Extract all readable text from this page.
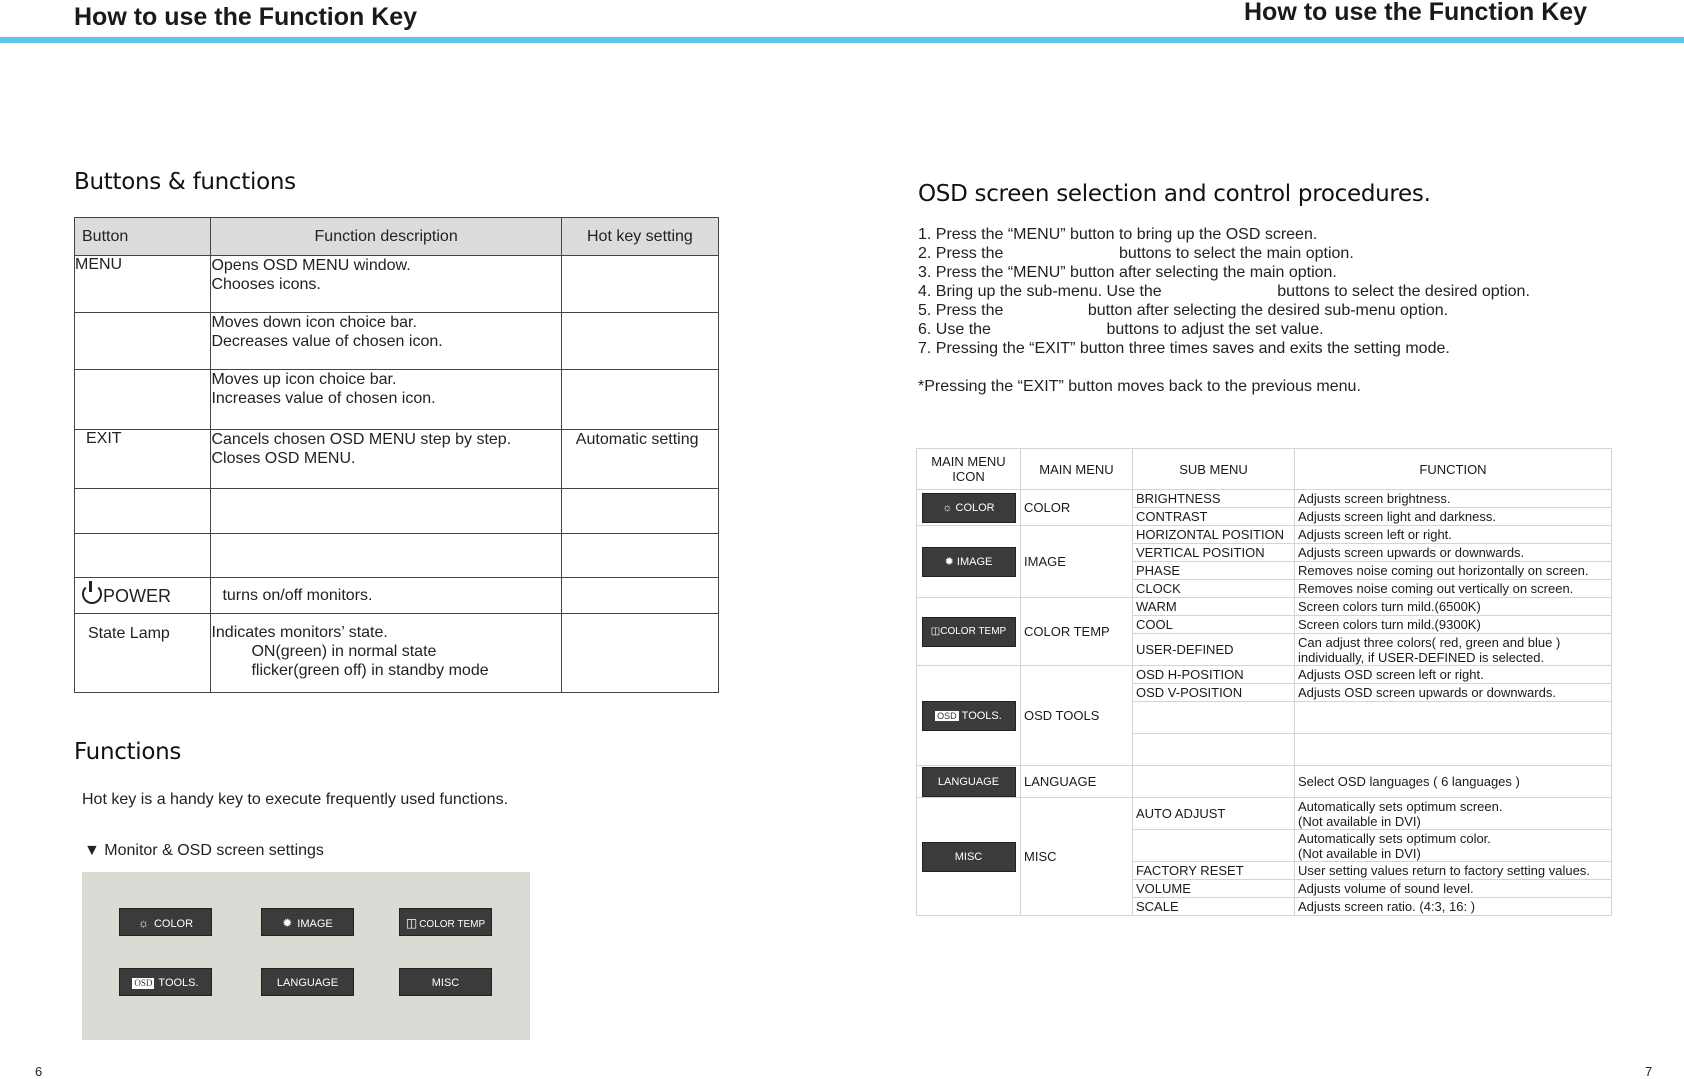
How to use the Function Key	How to use the Function Key
Buttons & functions
Button	Function description	Hot key setting
MENU	Opens OSD MENU window.
Chooses icons.	

	Moves down icon choice bar.
Decreases value of chosen icon.	

	Moves up icon choice bar.
Increases value of chosen icon.	

EXIT	Cancels chosen OSD MENU step by step.
Closes OSD MENU.	Automatic setting

POWER	turns on/off monitors.	
State Lamp	Indicates monitors’ state.
ON(green) in normal state
flicker(green off) in standby mode	

Functions
Hot key is a handy key to execute frequently used functions.
▼ Monitor & OSD screen settings
☼ COLOR	✹ IMAGE	◫ COLOR TEMP
OSD TOOLS.	LANGUAGE	MISC
6
OSD screen selection and control procedures.
1. Press the “MENU” button to bring up the OSD screen.
2. Press the                          buttons to select the main option.
3. Press the “MENU” button after selecting the main option.
4. Bring up the sub-menu. Use the                          buttons to select the desired option.
5. Press the                   button after selecting the desired sub-menu option.
6. Use the                          buttons to adjust the set value.
7. Pressing the “EXIT” button three times saves and exits the setting mode.
*Pressing the “EXIT” button moves back to the previous menu.
MAIN MENU ICON	MAIN MENU	SUB MENU	FUNCTION
☼ COLOR	COLOR	BRIGHTNESS	Adjusts screen brightness.
		CONTRAST	Adjusts screen light and darkness.
✹ IMAGE	IMAGE	HORIZONTAL POSITION	Adjusts screen left or right.
		VERTICAL POSITION	Adjusts screen upwards or downwards.
		PHASE	Removes noise coming out horizontally on screen.
		CLOCK	Removes noise coming out vertically on screen.
◫COLOR TEMP	COLOR TEMP	WARM	Screen colors turn mild.(6500K)
		COOL	Screen colors turn mild.(9300K)
		USER-DEFINED	Can adjust three colors( red, green and blue )
individually, if USER-DEFINED is selected.
OSD TOOLS.	OSD TOOLS	OSD H-POSITION	Adjusts OSD screen left or right.
		OSD V-POSITION	Adjusts OSD screen upwards or downwards.

LANGUAGE	LANGUAGE		Select OSD languages ( 6 languages )
MISC	MISC	AUTO ADJUST	Automatically sets optimum screen.
(Not available in DVI)
			Automatically sets optimum color.
(Not available in DVI)
		FACTORY RESET	User setting values return to factory setting values.
		VOLUME	Adjusts volume of sound level.
		SCALE	Adjusts screen ratio. (4:3, 16: )
7
